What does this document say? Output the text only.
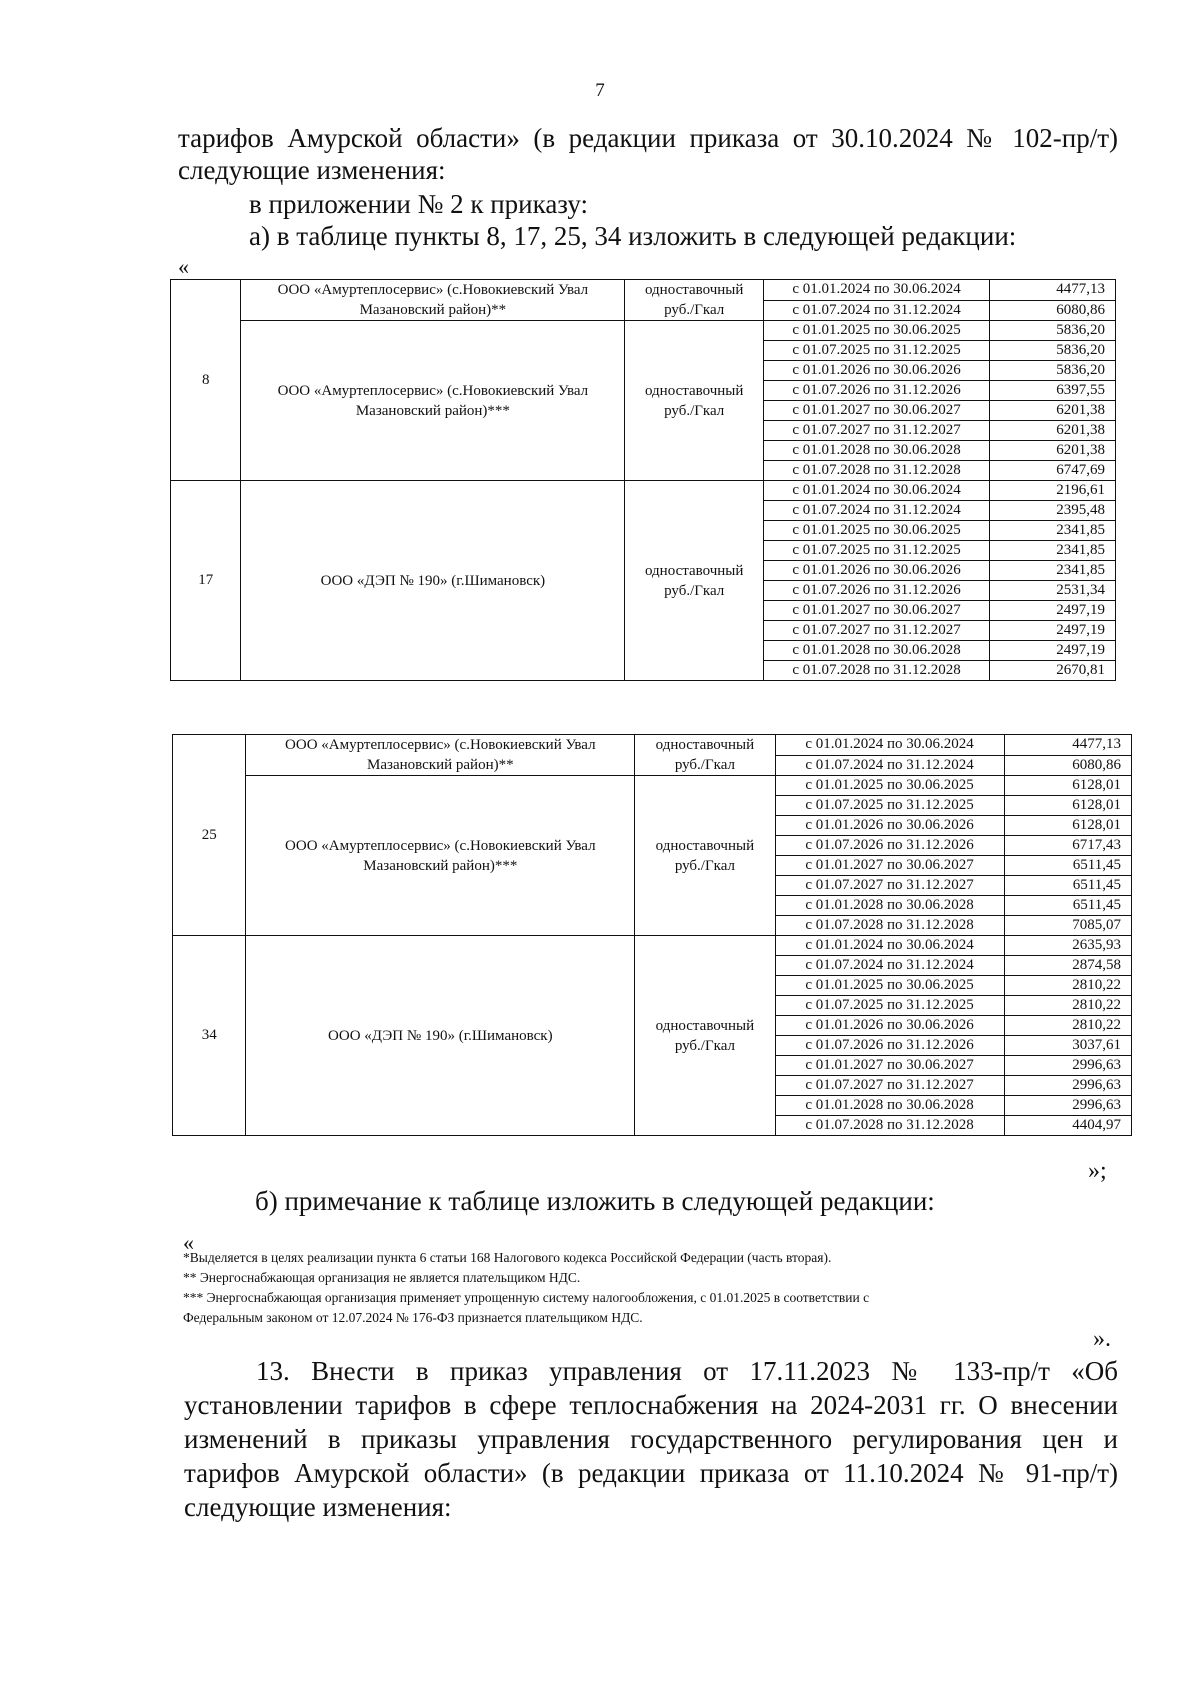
7
тарифов Амурской области» (в редакции приказа от 30.10.2024 № 102-пр/т)
следующие изменения:
в приложении № 2 к приказу:
а) в таблице пункты 8, 17, 25, 34 изложить в следующей редакции:
«
8	ООО «Амуртеплосервис» (с.Новокиевский Увал Мазановский район)**	одноставочный руб./Гкал	с 01.01.2024 по 30.06.2024	4477,13
			с 01.07.2024 по 31.12.2024	6080,86
	ООО «Амуртеплосервис» (с.Новокиевский Увал Мазановский район)***	одноставочный руб./Гкал	с 01.01.2025 по 30.06.2025	5836,20
			с 01.07.2025 по 31.12.2025	5836,20
			с 01.01.2026 по 30.06.2026	5836,20
			с 01.07.2026 по 31.12.2026	6397,55
			с 01.01.2027 по 30.06.2027	6201,38
			с 01.07.2027 по 31.12.2027	6201,38
			с 01.01.2028 по 30.06.2028	6201,38
			с 01.07.2028 по 31.12.2028	6747,69
17	ООО «ДЭП № 190» (г.Шимановск)	одноставочный руб./Гкал	с 01.01.2024 по 30.06.2024	2196,61
			с 01.07.2024 по 31.12.2024	2395,48
			с 01.01.2025 по 30.06.2025	2341,85
			с 01.07.2025 по 31.12.2025	2341,85
			с 01.01.2026 по 30.06.2026	2341,85
			с 01.07.2026 по 31.12.2026	2531,34
			с 01.01.2027 по 30.06.2027	2497,19
			с 01.07.2027 по 31.12.2027	2497,19
			с 01.01.2028 по 30.06.2028	2497,19
			с 01.07.2028 по 31.12.2028	2670,81
25	ООО «Амуртеплосервис» (с.Новокиевский Увал Мазановский район)**	одноставочный руб./Гкал	с 01.01.2024 по 30.06.2024	4477,13
			с 01.07.2024 по 31.12.2024	6080,86
	ООО «Амуртеплосервис» (с.Новокиевский Увал Мазановский район)***	одноставочный руб./Гкал	с 01.01.2025 по 30.06.2025	6128,01
			с 01.07.2025 по 31.12.2025	6128,01
			с 01.01.2026 по 30.06.2026	6128,01
			с 01.07.2026 по 31.12.2026	6717,43
			с 01.01.2027 по 30.06.2027	6511,45
			с 01.07.2027 по 31.12.2027	6511,45
			с 01.01.2028 по 30.06.2028	6511,45
			с 01.07.2028 по 31.12.2028	7085,07
34	ООО «ДЭП № 190» (г.Шимановск)	одноставочный руб./Гкал	с 01.01.2024 по 30.06.2024	2635,93
			с 01.07.2024 по 31.12.2024	2874,58
			с 01.01.2025 по 30.06.2025	2810,22
			с 01.07.2025 по 31.12.2025	2810,22
			с 01.01.2026 по 30.06.2026	2810,22
			с 01.07.2026 по 31.12.2026	3037,61
			с 01.01.2027 по 30.06.2027	2996,63
			с 01.07.2027 по 31.12.2027	2996,63
			с 01.01.2028 по 30.06.2028	2996,63
			с 01.07.2028 по 31.12.2028	4404,97
»;
б) примечание к таблице изложить в следующей редакции:
«
*Выделяется в целях реализации пункта 6 статьи 168 Налогового кодекса Российской Федерации (часть вторая).
** Энергоснабжающая организация не является плательщиком НДС.
*** Энергоснабжающая организация применяет упрощенную систему налогообложения, с 01.01.2025 в соответствии с
Федеральным законом от 12.07.2024 № 176-ФЗ признается плательщиком НДС.
».
13. Внести в приказ управления от 17.11.2023 № 133-пр/т «Об
установлении тарифов в сфере теплоснабжения на 2024-2031 гг. О внесении
изменений в приказы управления государственного регулирования цен и
тарифов Амурской области» (в редакции приказа от 11.10.2024 № 91-пр/т)
следующие изменения:
